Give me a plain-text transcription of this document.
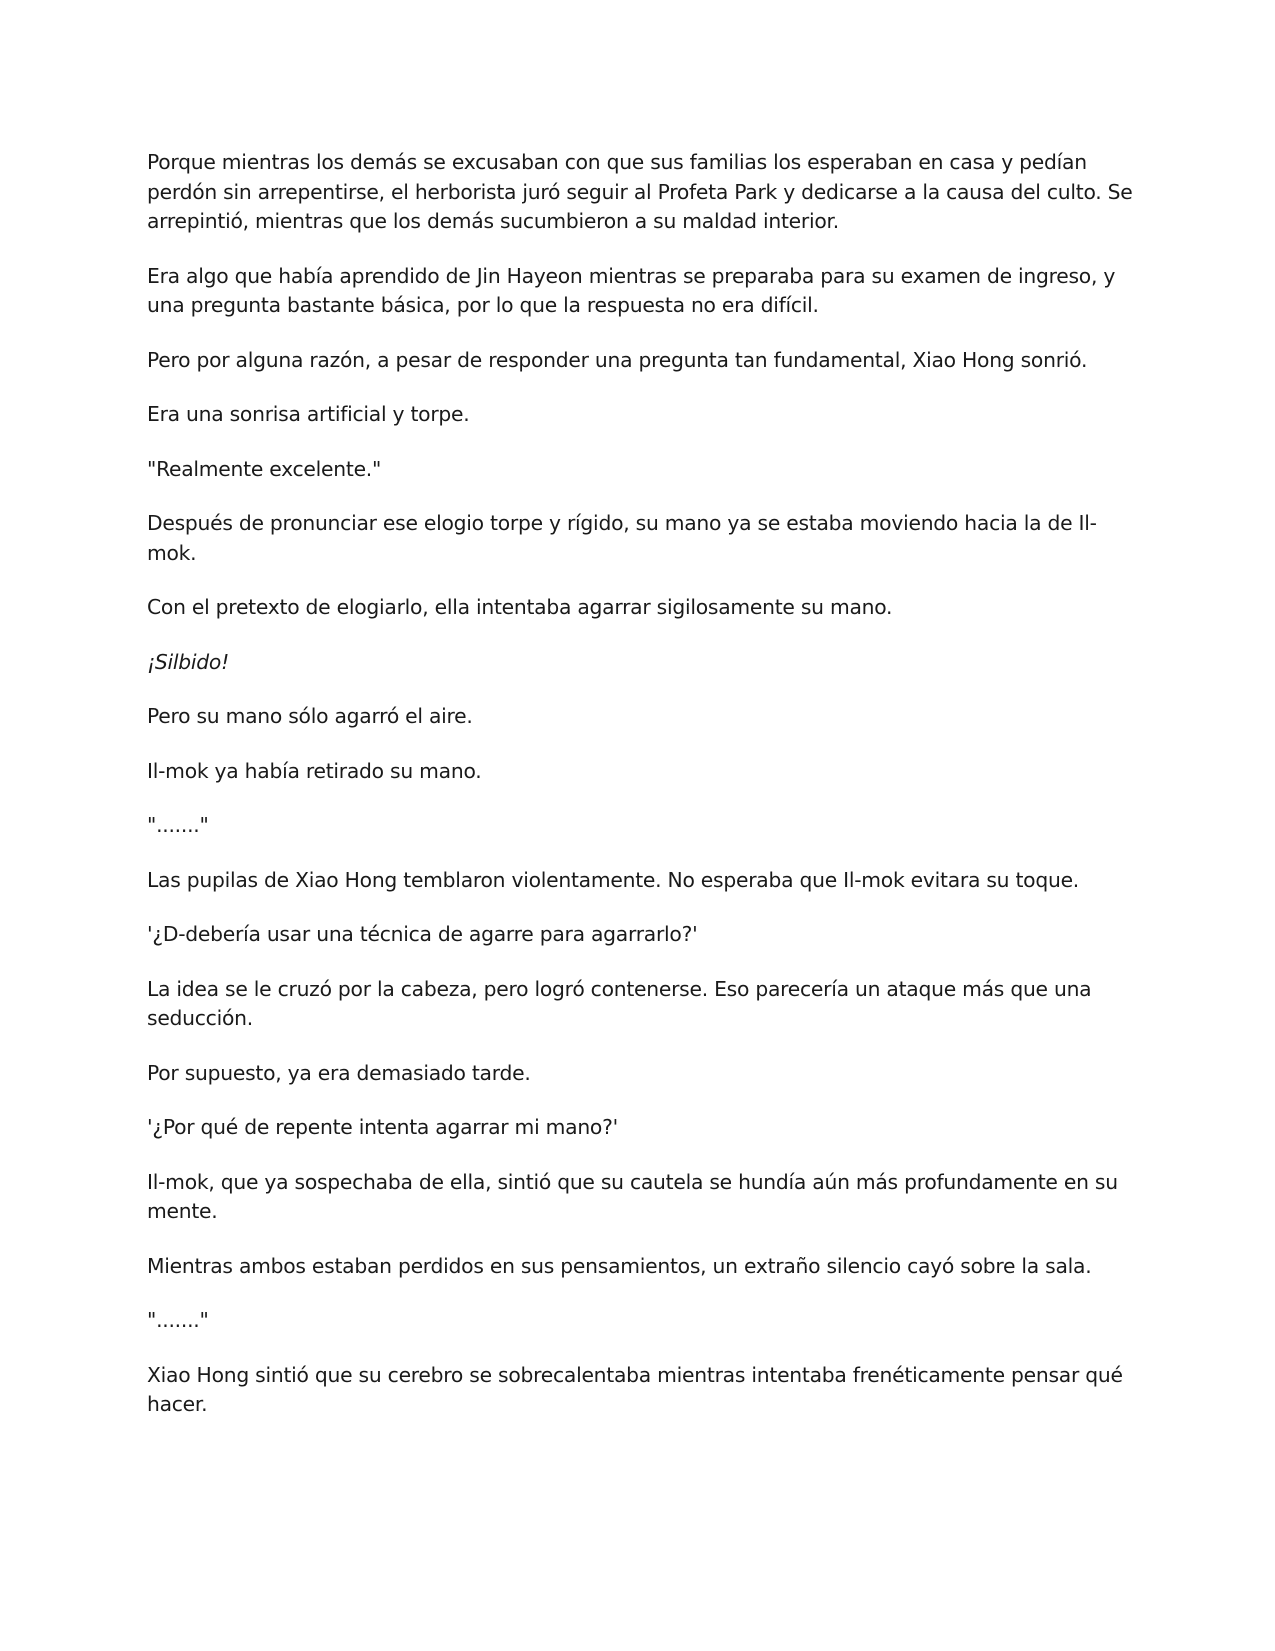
Porque mientras los demás se excusaban con que sus familias los esperaban en casa y pedían perdón sin arrepentirse, el herborista juró seguir al Profeta Park y dedicarse a la causa del culto. Se arrepintió, mientras que los demás sucumbieron a su maldad interior.

Era algo que había aprendido de Jin Hayeon mientras se preparaba para su examen de ingreso, y una pregunta bastante básica, por lo que la respuesta no era difícil.

Pero por alguna razón, a pesar de responder una pregunta tan fundamental, Xiao Hong sonrió.

Era una sonrisa artificial y torpe.

"Realmente excelente."

Después de pronunciar ese elogio torpe y rígido, su mano ya se estaba moviendo hacia la de Il-mok.

Con el pretexto de elogiarlo, ella intentaba agarrar sigilosamente su mano.

¡Silbido!

Pero su mano sólo agarró el aire.

Il-mok ya había retirado su mano.

"......."

Las pupilas de Xiao Hong temblaron violentamente. No esperaba que Il-mok evitara su toque.

'¿D-debería usar una técnica de agarre para agarrarlo?'

La idea se le cruzó por la cabeza, pero logró contenerse. Eso parecería un ataque más que una seducción.

Por supuesto, ya era demasiado tarde.

'¿Por qué de repente intenta agarrar mi mano?'

Il-mok, que ya sospechaba de ella, sintió que su cautela se hundía aún más profundamente en su mente.

Mientras ambos estaban perdidos en sus pensamientos, un extraño silencio cayó sobre la sala.

"......."

Xiao Hong sintió que su cerebro se sobrecalentaba mientras intentaba frenéticamente pensar qué hacer.
